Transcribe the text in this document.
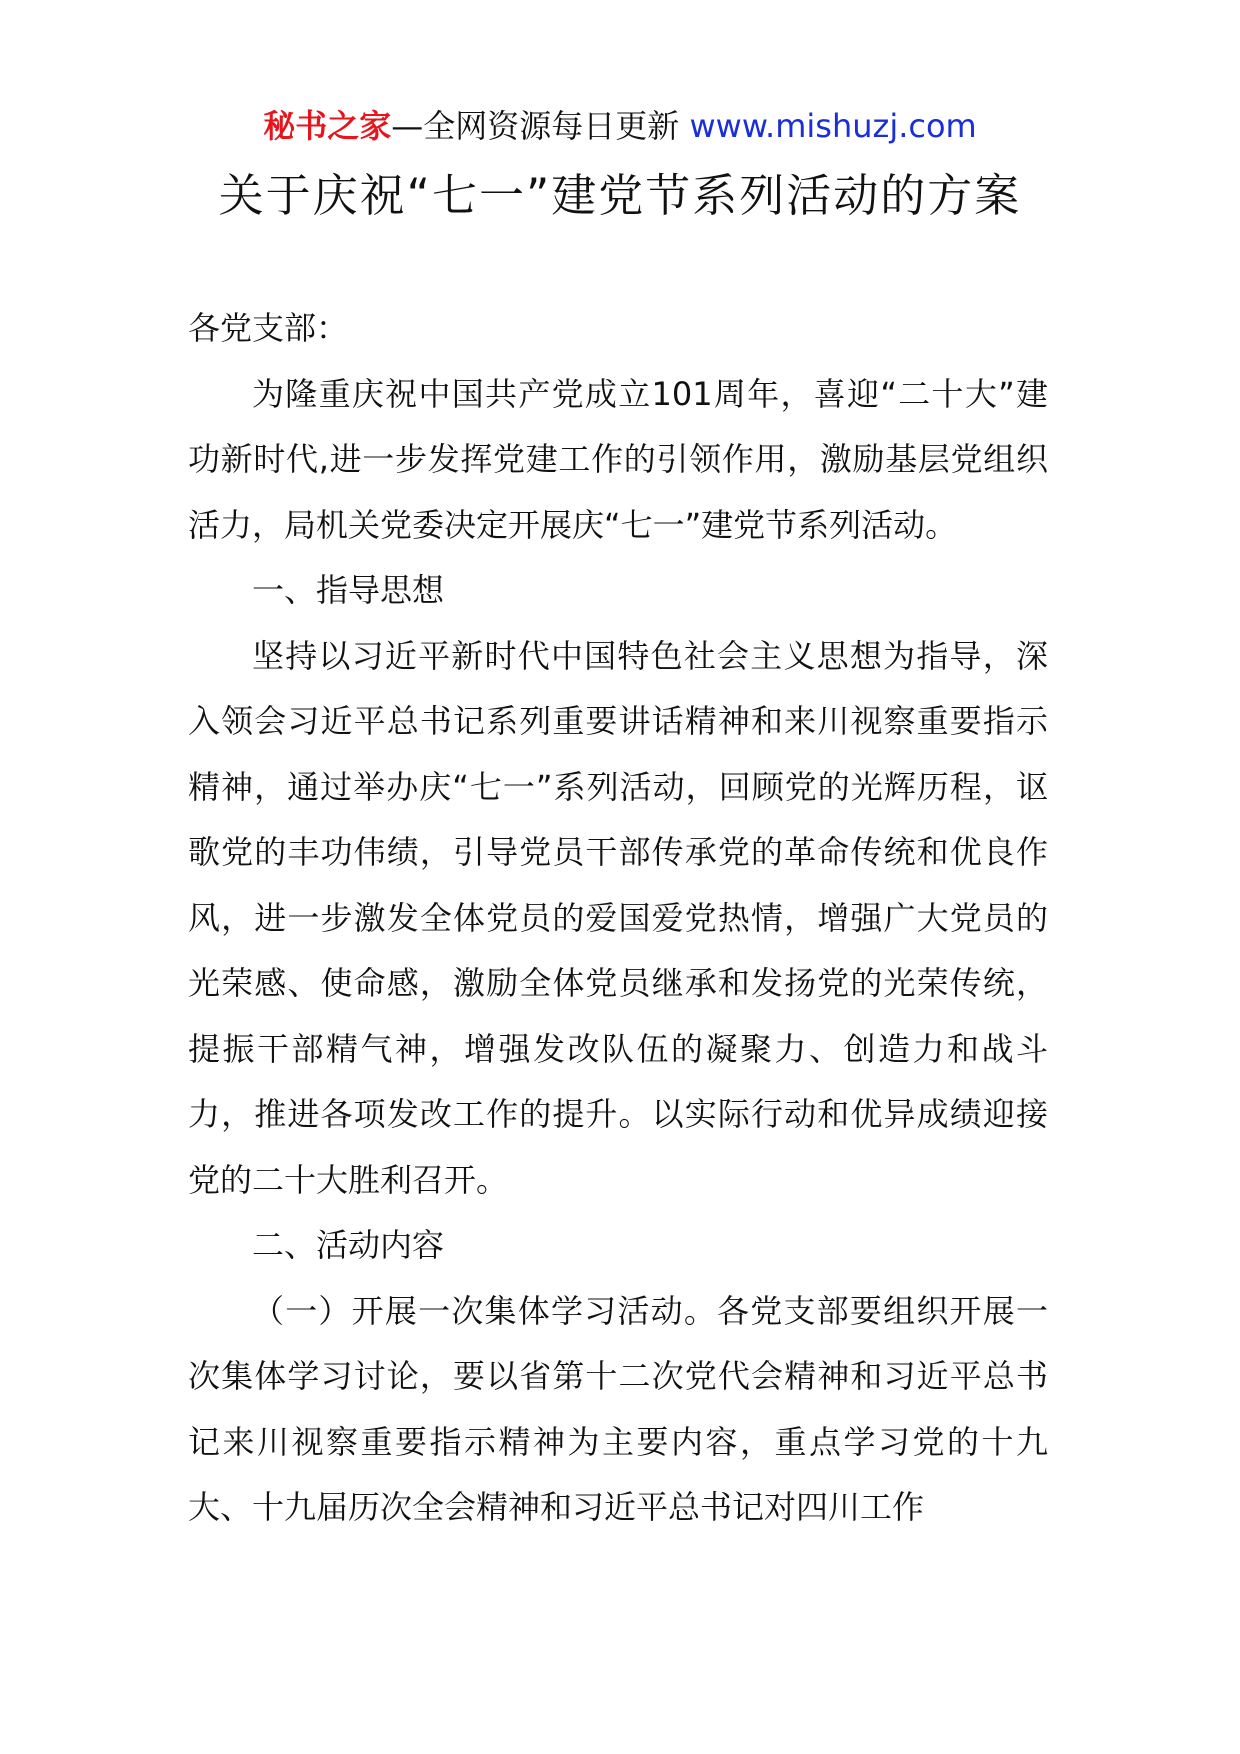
秘书之家—全网资源每日更新 www.mishuzj.com
关于庆祝“七一”建党节系列活动的方案

各党支部：

为隆重庆祝中国共产党成立101周年，喜迎“二十大”建功新时代,进一步发挥党建工作的引领作用，激励基层党组织活力，局机关党委决定开展庆“七一”建党节系列活动。

一、指导思想

坚持以习近平新时代中国特色社会主义思想为指导，深入领会习近平总书记系列重要讲话精神和来川视察重要指示精神，通过举办庆“七一”系列活动，回顾党的光辉历程，讴歌党的丰功伟绩，引导党员干部传承党的革命传统和优良作风，进一步激发全体党员的爱国爱党热情，增强广大党员的光荣感、使命感，激励全体党员继承和发扬党的光荣传统，提振干部精气神，增强发改队伍的凝聚力、创造力和战斗力，推进各项发改工作的提升。以实际行动和优异成绩迎接党的二十大胜利召开。

二、活动内容

（一）开展一次集体学习活动。各党支部要组织开展一次集体学习讨论，要以省第十二次党代会精神和习近平总书记来川视察重要指示精神为主要内容，重点学习党的十九大、十九届历次全会精神和习近平总书记对四川工作
